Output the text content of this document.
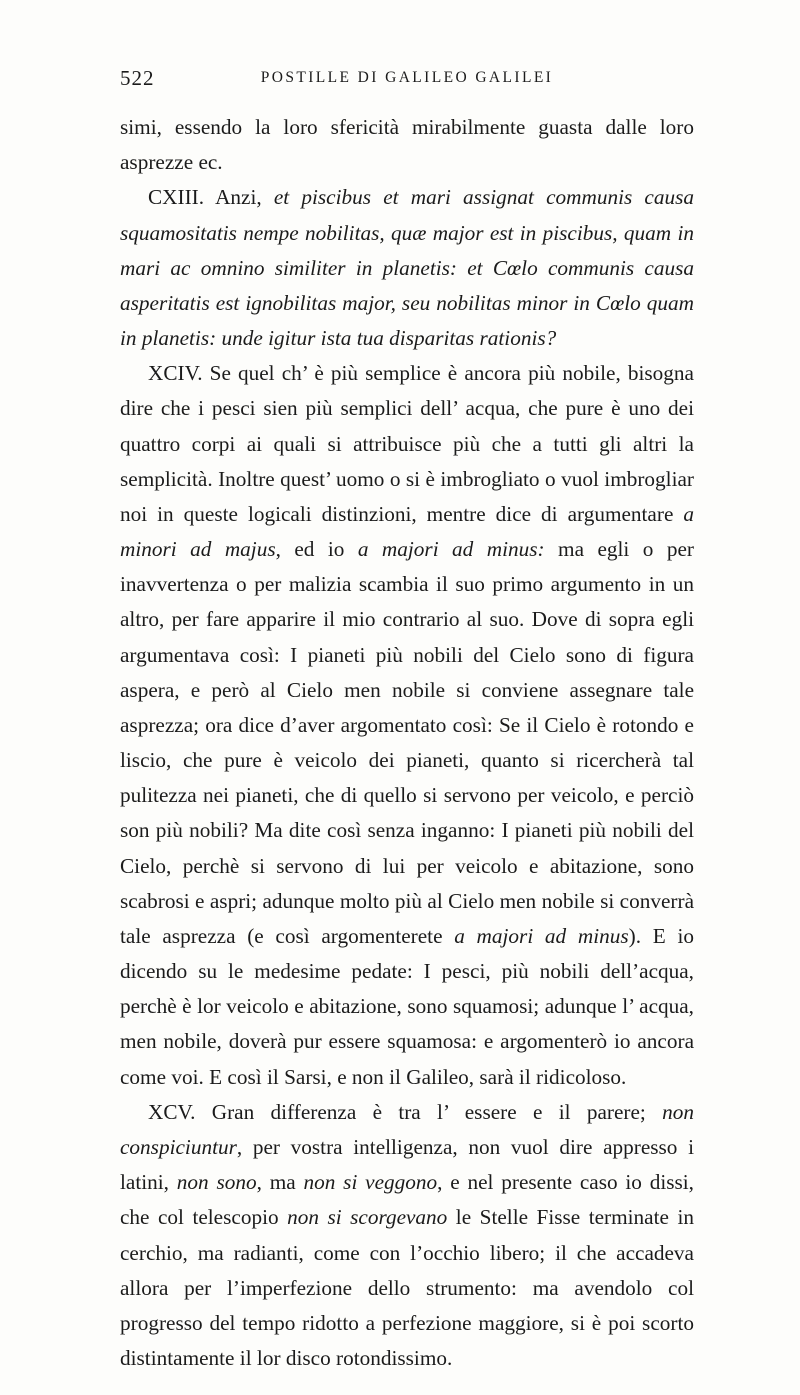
522	POSTILLE DI GALILEO GALILEI

simi, essendo la loro sfericità mirabilmente guasta dalle loro asprezze ec.

CXIII. Anzi, et piscibus et mari assignat communis causa squamositatis nempe nobilitas, quæ major est in piscibus, quam in mari ac omnino similiter in planetis: et Cœlo communis causa asperitatis est ignobilitas major, seu nobilitas minor in Cœlo quam in planetis: unde igitur ista tua disparitas rationis?

XCIV. Se quel ch’ è più semplice è ancora più nobile, bisogna dire che i pesci sien più semplici dell’ acqua, che pure è uno dei quattro corpi ai quali si attribuisce più che a tutti gli altri la semplicità. Inoltre quest’ uomo o si è imbrogliato o vuol imbrogliar noi in queste logicali distinzioni, mentre dice di argumentare a minori ad majus, ed io a majori ad minus: ma egli o per inavvertenza o per malizia scambia il suo primo argumento in un altro, per fare apparire il mio contrario al suo. Dove di sopra egli argumentava così: I pianeti più nobili del Cielo sono di figura aspera, e però al Cielo men nobile si conviene assegnare tale asprezza; ora dice d’aver argomentato così: Se il Cielo è rotondo e liscio, che pure è veicolo dei pianeti, quanto si ricercherà tal pulitezza nei pianeti, che di quello si servono per veicolo, e perciò son più nobili? Ma dite così senza inganno: I pianeti più nobili del Cielo, perchè si servono di lui per veicolo e abitazione, sono scabrosi e aspri; adunque molto più al Cielo men nobile si converrà tale asprezza (e così argomenterete a majori ad minus). E io dicendo su le medesime pedate: I pesci, più nobili dell’acqua, perchè è lor veicolo e abitazione, sono squamosi; adunque l’ acqua, men nobile, doverà pur essere squamosa: e argomenterò io ancora come voi. E così il Sarsi, e non il Galileo, sarà il ridicoloso.

XCV. Gran differenza è tra l’ essere e il parere; non conspiciuntur, per vostra intelligenza, non vuol dire appresso i latini, non sono, ma non si veggono, e nel presente caso io dissi, che col telescopio non si scorgevano le Stelle Fisse terminate in cerchio, ma radianti, come con l’occhio libero; il che accadeva allora per l’imperfezione dello strumento: ma avendolo col progresso del tempo ridotto a perfezione maggiore, si è poi scorto distintamente il lor disco rotondissimo.
